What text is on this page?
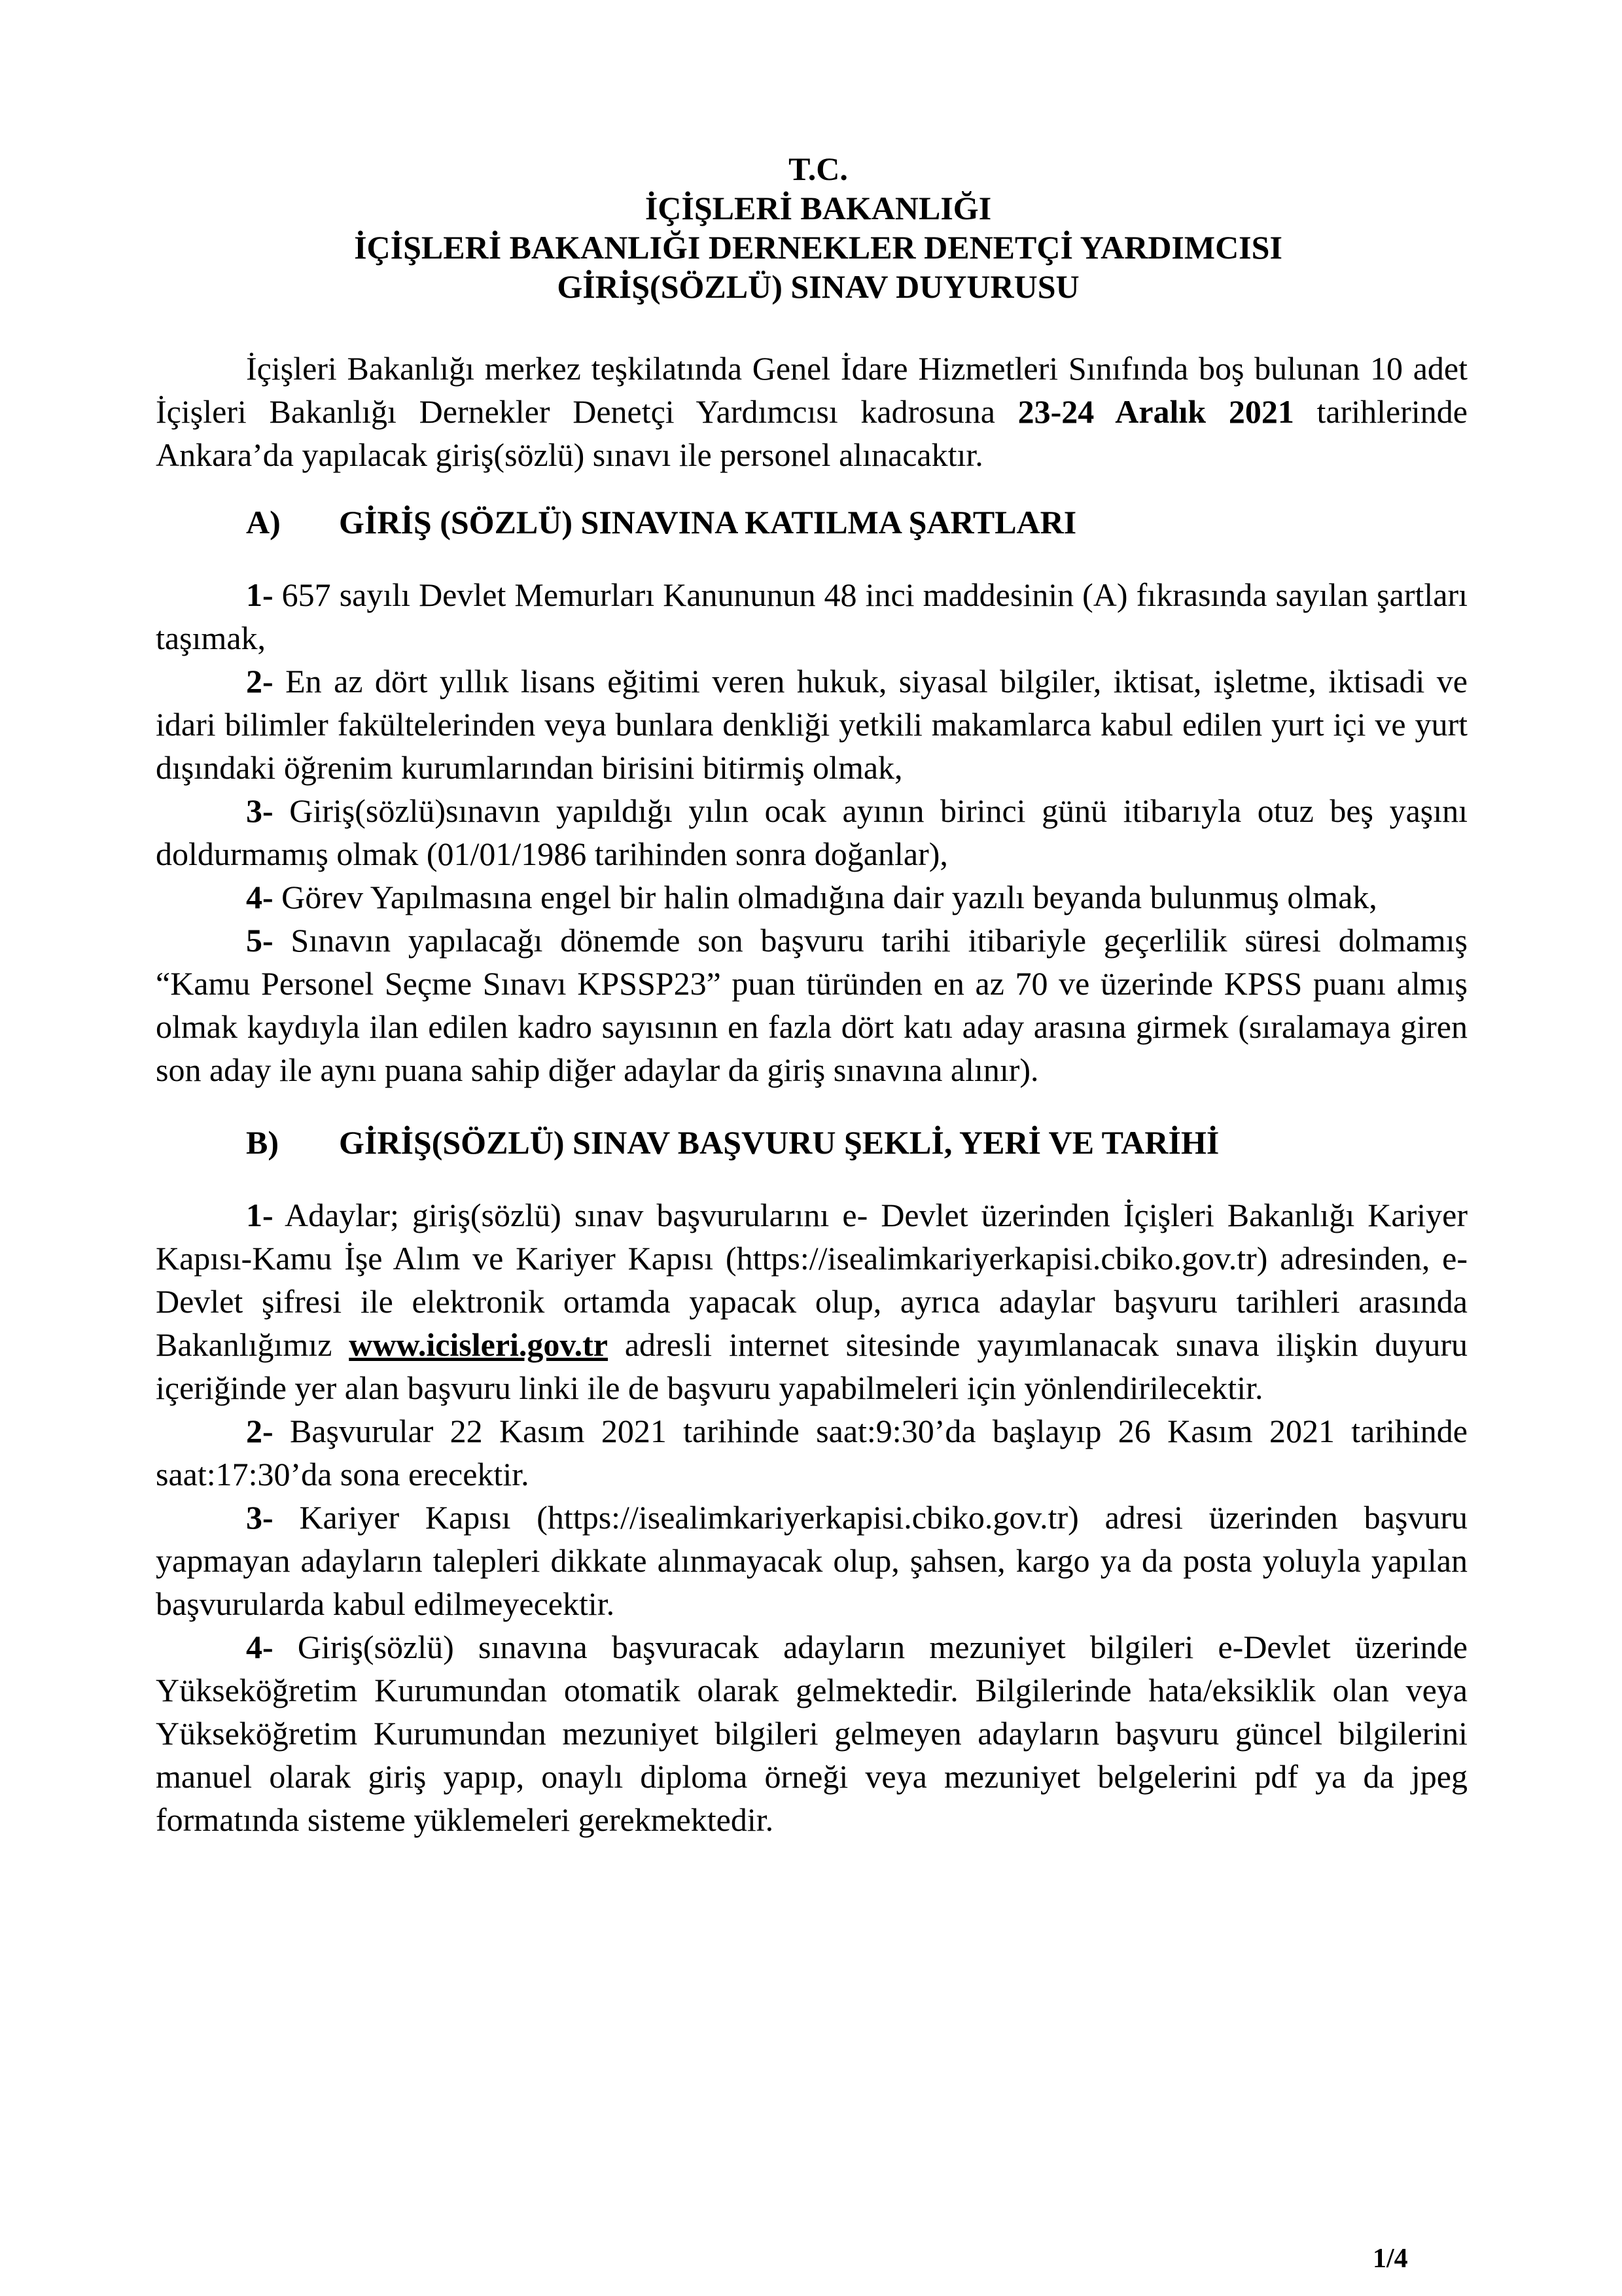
T.C.
İÇİŞLERİ BAKANLIĞI
İÇİŞLERİ BAKANLIĞI DERNEKLER DENETÇİ YARDIMCISI
GİRİŞ(SÖZLÜ) SINAV DUYURUSU

İçişleri Bakanlığı merkez teşkilatında Genel İdare Hizmetleri Sınıfında boş bulunan 10 adet İçişleri Bakanlığı Dernekler Denetçi Yardımcısı kadrosuna 23-24 Aralık 2021 tarihlerinde Ankara’da yapılacak giriş(sözlü) sınavı ile personel alınacaktır.

A) GİRİŞ (SÖZLÜ) SINAVINA KATILMA ŞARTLARI

1- 657 sayılı Devlet Memurları Kanununun 48 inci maddesinin (A) fıkrasında sayılan şartları taşımak,

2- En az dört yıllık lisans eğitimi veren hukuk, siyasal bilgiler, iktisat, işletme, iktisadi ve idari bilimler fakültelerinden veya bunlara denkliği yetkili makamlarca kabul edilen yurt içi ve yurt dışındaki öğrenim kurumlarından birisini bitirmiş olmak,

3- Giriş(sözlü)sınavın yapıldığı yılın ocak ayının birinci günü itibarıyla otuz beş yaşını doldurmamış olmak (01/01/1986 tarihinden sonra doğanlar),

4- Görev Yapılmasına engel bir halin olmadığına dair yazılı beyanda bulunmuş olmak,

5- Sınavın yapılacağı dönemde son başvuru tarihi itibariyle geçerlilik süresi dolmamış “Kamu Personel Seçme Sınavı KPSSP23” puan türünden en az 70 ve üzerinde KPSS puanı almış olmak kaydıyla ilan edilen kadro sayısının en fazla dört katı aday arasına girmek (sıralamaya giren son aday ile aynı puana sahip diğer adaylar da giriş sınavına alınır).

B) GİRİŞ(SÖZLÜ) SINAV BAŞVURU ŞEKLİ, YERİ VE TARİHİ

1- Adaylar; giriş(sözlü) sınav başvurularını e- Devlet üzerinden İçişleri Bakanlığı Kariyer Kapısı-Kamu İşe Alım ve Kariyer Kapısı (https://isealimkariyerkapisi.cbiko.gov.tr) adresinden, e- Devlet şifresi ile elektronik ortamda yapacak olup, ayrıca adaylar başvuru tarihleri arasında Bakanlığımız www.icisleri.gov.tr adresli internet sitesinde yayımlanacak sınava ilişkin duyuru içeriğinde yer alan başvuru linki ile de başvuru yapabilmeleri için yönlendirilecektir.

2- Başvurular 22 Kasım 2021 tarihinde saat:9:30’da başlayıp 26 Kasım 2021 tarihinde saat:17:30’da sona erecektir.

3- Kariyer Kapısı (https://isealimkariyerkapisi.cbiko.gov.tr) adresi üzerinden başvuru yapmayan adayların talepleri dikkate alınmayacak olup, şahsen, kargo ya da posta yoluyla yapılan başvurularda kabul edilmeyecektir.

4- Giriş(sözlü) sınavına başvuracak adayların mezuniyet bilgileri e-Devlet üzerinde Yükseköğretim Kurumundan otomatik olarak gelmektedir. Bilgilerinde hata/eksiklik olan veya Yükseköğretim Kurumundan mezuniyet bilgileri gelmeyen adayların başvuru güncel bilgilerini manuel olarak giriş yapıp, onaylı diploma örneği veya mezuniyet belgelerini pdf ya da jpeg formatında sisteme yüklemeleri gerekmektedir.

1/4
